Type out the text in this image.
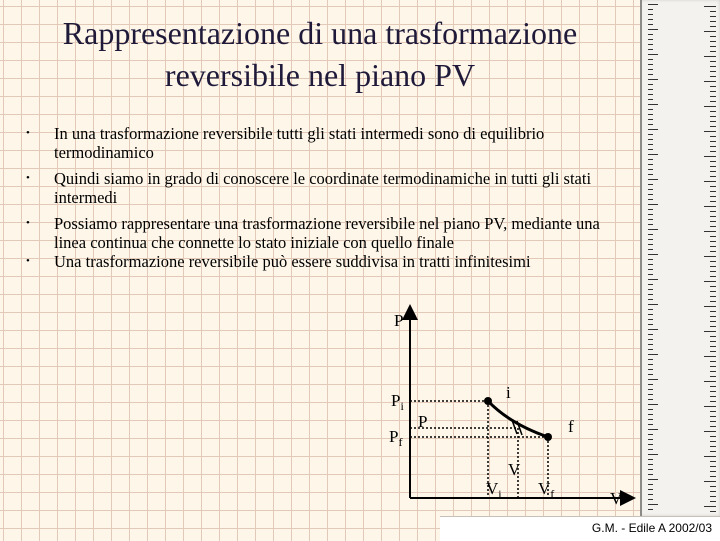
Rappresentazione di una trasformazione
reversibile nel piano PV
• In una trasformazione reversibile tutti gli stati intermedi sono di equilibrio termodinamico
• Quindi siamo in grado di conoscere le coordinate termodinamiche in tutti gli stati intermedi
• Possiamo rappresentare una trasformazione reversibile nel piano PV, mediante una linea continua che connette lo stato iniziale con quello finale
• Una trasformazione reversibile può essere suddivisa in tratti infinitesimi
P
V
$P_i$
$P_f$
P
i
f
V
$V_i$ $V_f$
G.M. - Edile A 2002/03
